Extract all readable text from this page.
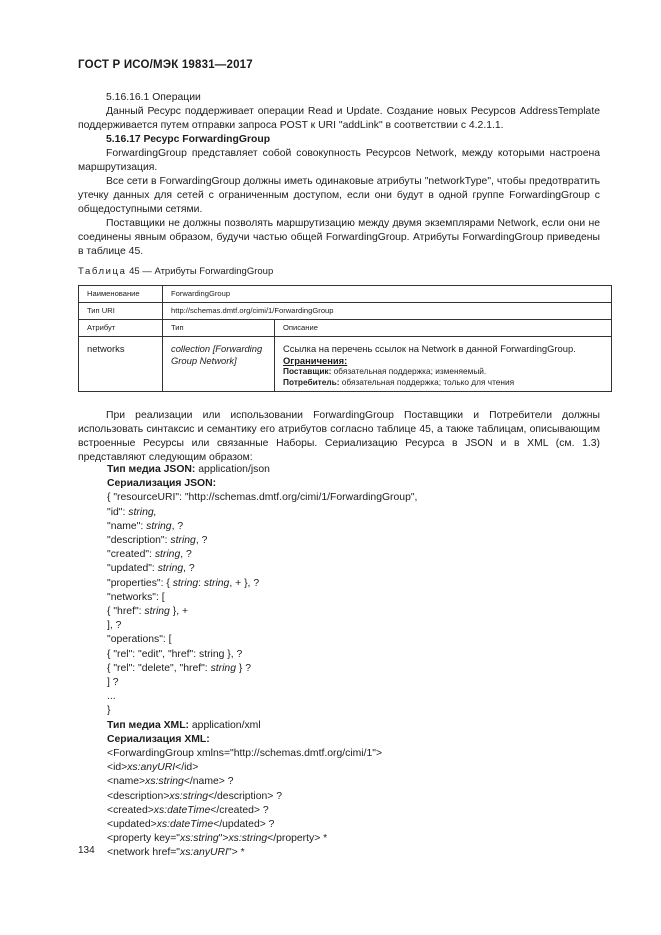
ГОСТ Р ИСО/МЭК 19831—2017

5.16.16.1 Операции

Данный Ресурс поддерживает операции Read и Update. Создание новых Ресурсов AddressTemplate поддерживается путем отправки запроса POST к URI "addLink" в соответствии с 4.2.1.1.

5.16.17 Ресурс ForwardingGroup

ForwardingGroup представляет собой совокупность Ресурсов Network, между которыми настроена маршрутизация.

Все сети в ForwardingGroup должны иметь одинаковые атрибуты "networkType", чтобы предотвратить утечку данных для сетей с ограниченным доступом, если они будут в одной группе ForwardingGroup с общедоступными сетями.

Поставщики не должны позволять маршрутизацию между двумя экземплярами Network, если они не соединены явным образом, будучи частью общей ForwardingGroup. Атрибуты ForwardingGroup приведены в таблице 45.

Таблица 45 — Атрибуты ForwardingGroup
Наименование	ForwardingGroup	
Тип URI	http://schemas.dmtf.org/cimi/1/ForwardingGroup	
Атрибут	Тип	Описание
networks	collection [Forwarding Group Network]	Ссылка на перечень ссылок на Network в данной ForwardingGroup.
Ограничения:
Поставщик: обязательная поддержка; изменяемый.
Потребитель: обязательная поддержка; только для чтения

При реализации или использовании ForwardingGroup Поставщики и Потребители должны использовать синтаксис и семантику его атрибутов согласно таблице 45, а также таблицам, описывающим встроенные Ресурсы или связанные Наборы. Сериализацию Ресурса в JSON и в XML (см. 1.3) представляют следующим образом:

Тип медиа JSON: application/json
Сериализация JSON:
{ "resourceURI": "http://schemas.dmtf.org/cimi/1/ForwardingGroup",
"id": string,
"name": string, ?
"description": string, ?
"created": string, ?
"updated": string, ?
"properties": { string: string, + }, ?
"networks": [
{ "href": string }, +
], ?
"operations": [
{ "rel": "edit", "href": string }, ?
{ "rel": "delete", "href": string } ?
] ?
...
}
Тип медиа XML: application/xml
Сериализация XML:
<ForwardingGroup xmlns="http://schemas.dmtf.org/cimi/1">
<id>xs:anyURI</id>
<name>xs:string</name> ?
<description>xs:string</description> ?
<created>xs:dateTime</created> ?
<updated>xs:dateTime</updated> ?
<property key="xs:string">xs:string</property> *
<network href="xs:anyURI"> *
134
